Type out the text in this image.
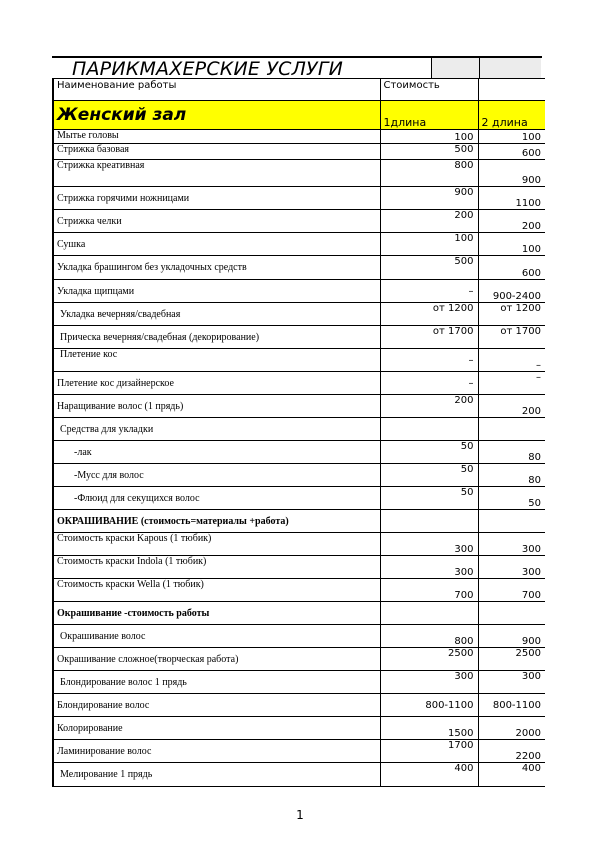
ПАРИКМАХЕРСКИЕ УСЛУГИ
Наименование работы	Стоимость	
Женский зал	1длина	2 длина
Мытье головы	100	100
Стрижка базовая	500	600
Стрижка креативная	800	900
Стрижка горячими ножницами	900	1100
Стрижка челки	200	200
Сушка	100	100
Укладка брашингом без укладочных средств	500	600
Укладка щипцами	–	900-2400
Укладка вечерняя/свадебная	от 1200	от 1200
Прическа вечерняя/свадебная (декорирование)	от 1700	от 1700
Плетение кос	–	–
Плетение кос дизайнерское	–	–
Наращивание волос (1 прядь)	200	200
Средства для укладки		
-лак	50	80
-Мусс для волос	50	80
-Флюид для секущихся волос	50	50
ОКРАШИВАНИЕ (стоимость=материалы +работа)		
Стоимость краски Kapous (1 тюбик)	300	300
Стоимость краски Indola (1 тюбик)	300	300
Стоимость краски Wella (1 тюбик)	700	700
Окрашивание -стоимость работы		
Окрашивание волос	800	900
Окрашивание сложное(творческая работа)	2500	2500
Блондирование волос 1 прядь	300	300
Блондирование волос	800-1100	800-1100
Колорирование	1500	2000
Ламинирование волос	1700	2200
Мелирование 1 прядь	400	400
1
